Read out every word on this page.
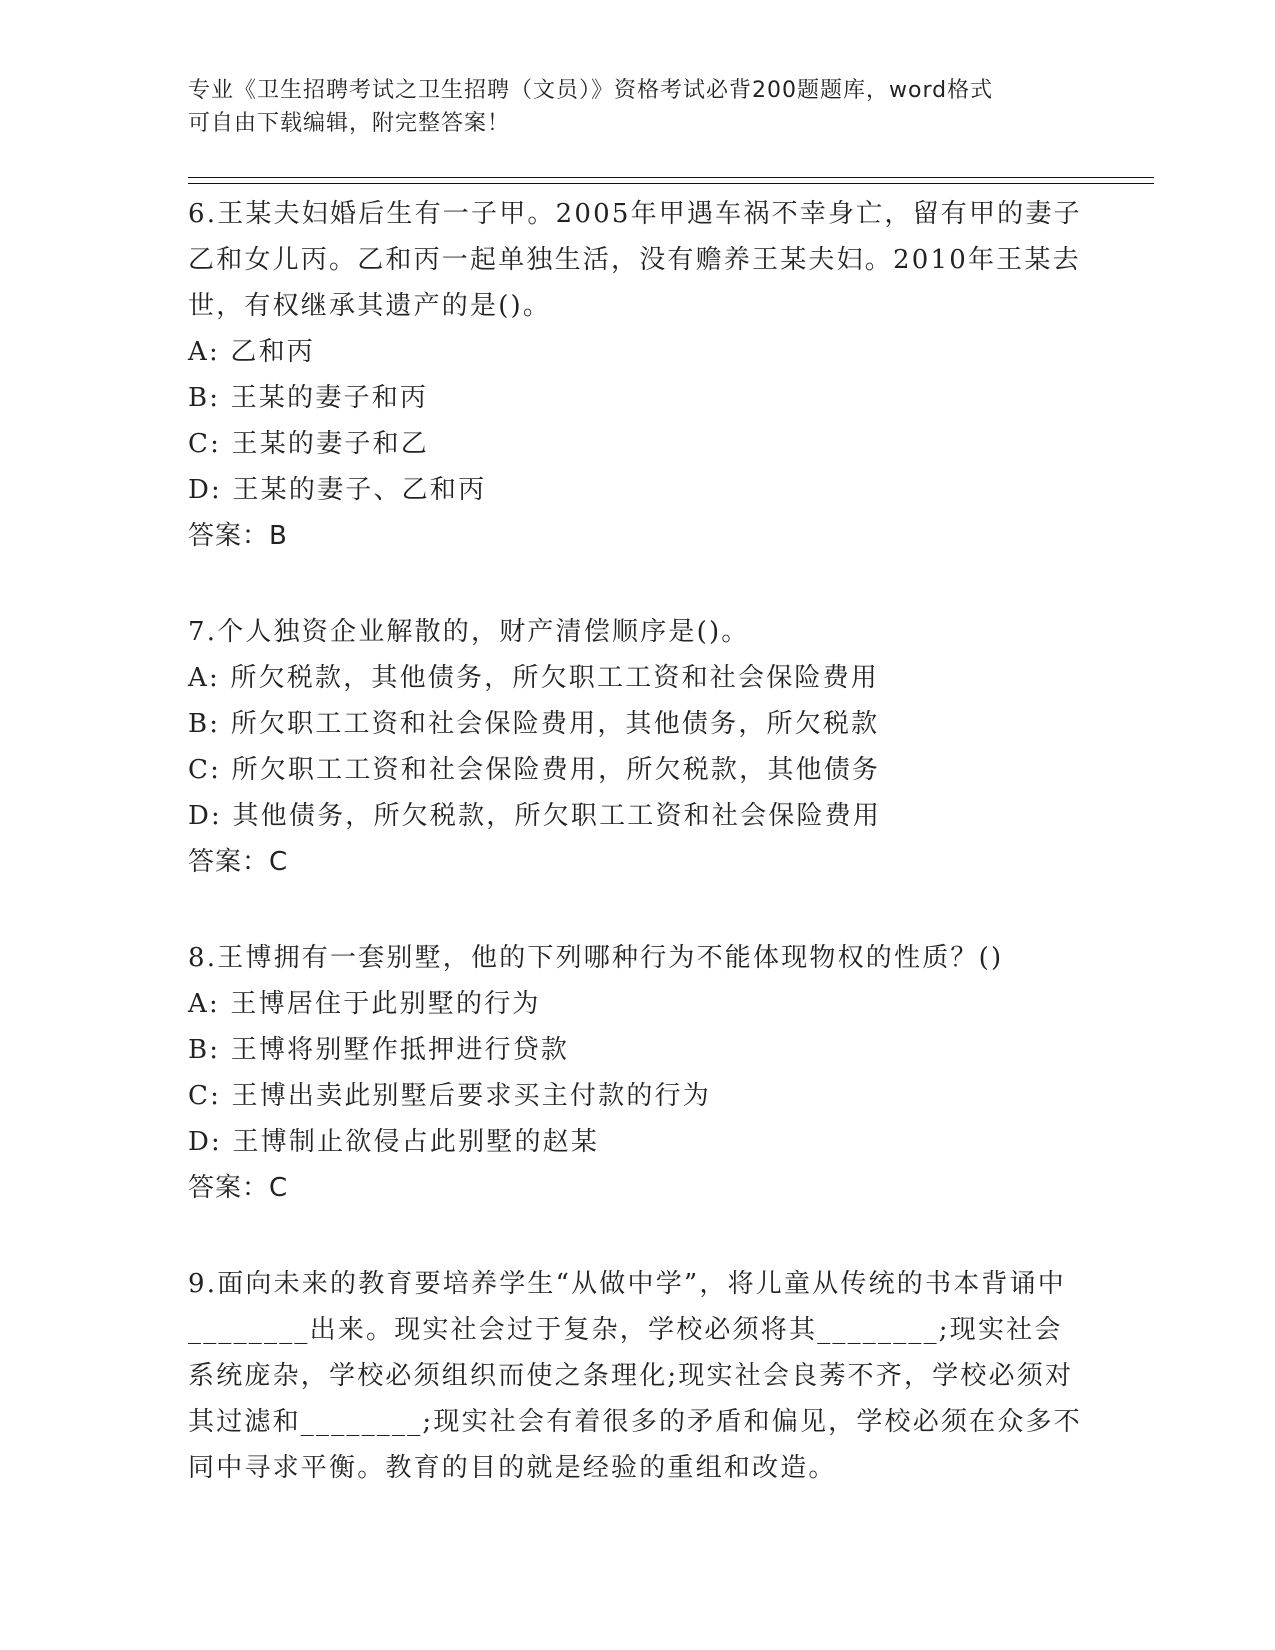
专业《卫生招聘考试之卫生招聘（文员）》资格考试必背200题题库，word格式
可自由下载编辑，附完整答案！
6.王某夫妇婚后生有一子甲。2005年甲遇车祸不幸身亡，留有甲的妻子乙和女儿丙。乙和丙一起单独生活，没有赡养王某夫妇。2010年王某去世，有权继承其遗产的是()。
A: 乙和丙
B: 王某的妻子和丙
C: 王某的妻子和乙
D: 王某的妻子、乙和丙
答案：B
7.个人独资企业解散的，财产清偿顺序是()。
A: 所欠税款，其他债务，所欠职工工资和社会保险费用
B: 所欠职工工资和社会保险费用，其他债务，所欠税款
C: 所欠职工工资和社会保险费用，所欠税款，其他债务
D: 其他债务，所欠税款，所欠职工工资和社会保险费用
答案：C
8.王博拥有一套别墅，他的下列哪种行为不能体现物权的性质？()
A: 王博居住于此别墅的行为
B: 王博将别墅作抵押进行贷款
C: 王博出卖此别墅后要求买主付款的行为
D: 王博制止欲侵占此别墅的赵某
答案：C
9.面向未来的教育要培养学生“从做中学”，将儿童从传统的书本背诵中________出来。现实社会过于复杂，学校必须将其________;现实社会系统庞杂，学校必须组织而使之条理化;现实社会良莠不齐，学校必须对其过滤和________;现实社会有着很多的矛盾和偏见，学校必须在众多不同中寻求平衡。教育的目的就是经验的重组和改造。
